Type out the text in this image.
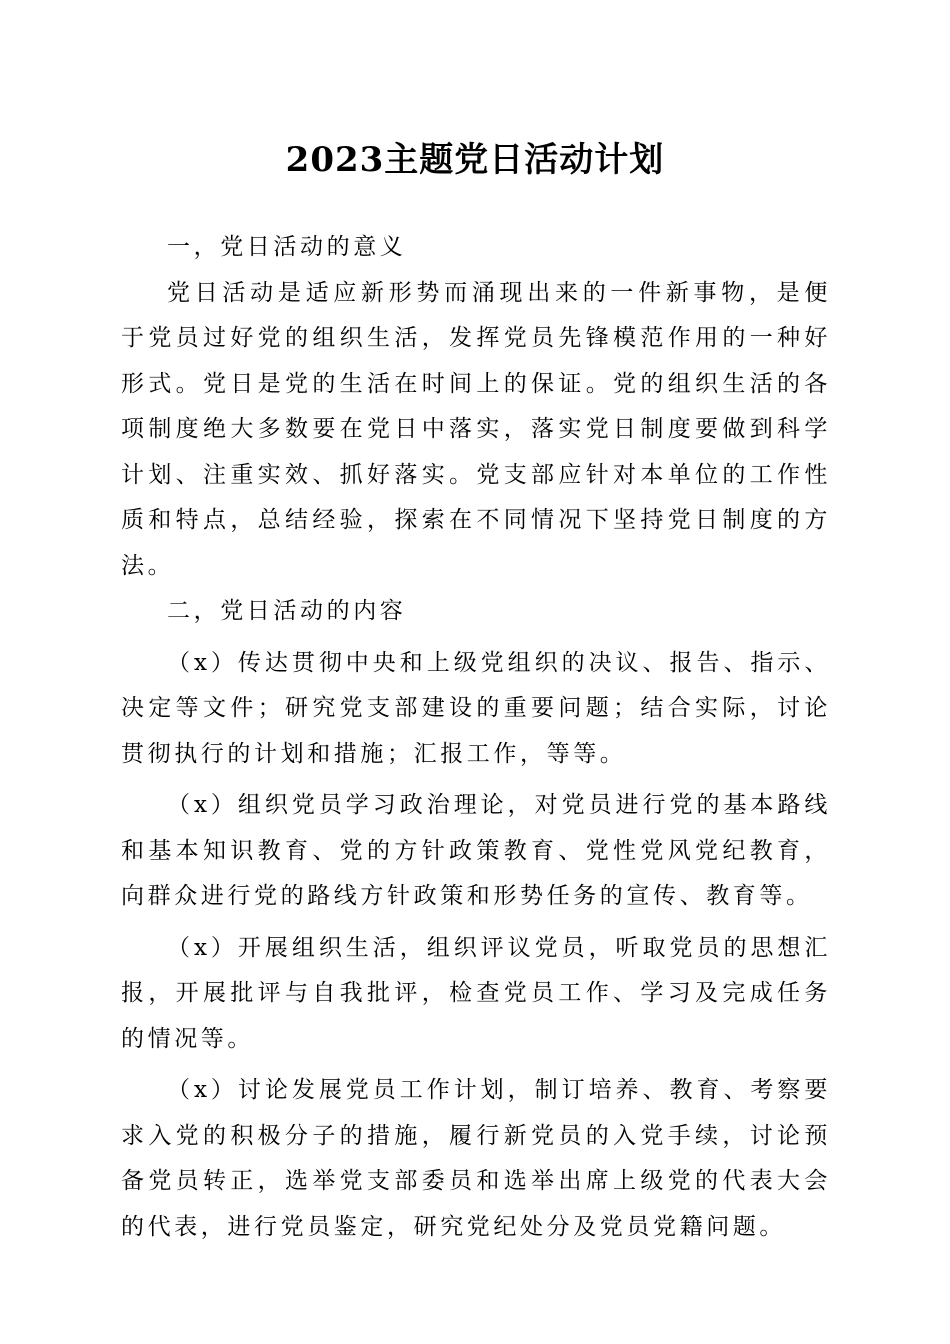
2023主题党日活动计划

一，党日活动的意义

党日活动是适应新形势而涌现出来的一件新事物，是便于党员过好党的组织生活，发挥党员先锋模范作用的一种好形式。党日是党的生活在时间上的保证。党的组织生活的各项制度绝大多数要在党日中落实，落实党日制度要做到科学计划、注重实效、抓好落实。党支部应针对本单位的工作性质和特点，总结经验，探索在不同情况下坚持党日制度的方法。

二，党日活动的内容

（x）传达贯彻中央和上级党组织的决议、报告、指示、决定等文件；研究党支部建设的重要问题；结合实际，讨论贯彻执行的计划和措施；汇报工作，等等。

（x）组织党员学习政治理论，对党员进行党的基本路线和基本知识教育、党的方针政策教育、党性党风党纪教育，向群众进行党的路线方针政策和形势任务的宣传、教育等。

（x）开展组织生活，组织评议党员，听取党员的思想汇报，开展批评与自我批评，检查党员工作、学习及完成任务的情况等。

（x）讨论发展党员工作计划，制订培养、教育、考察要求入党的积极分子的措施，履行新党员的入党手续，讨论预备党员转正，选举党支部委员和选举出席上级党的代表大会的代表，进行党员鉴定，研究党纪处分及党员党籍问题。
